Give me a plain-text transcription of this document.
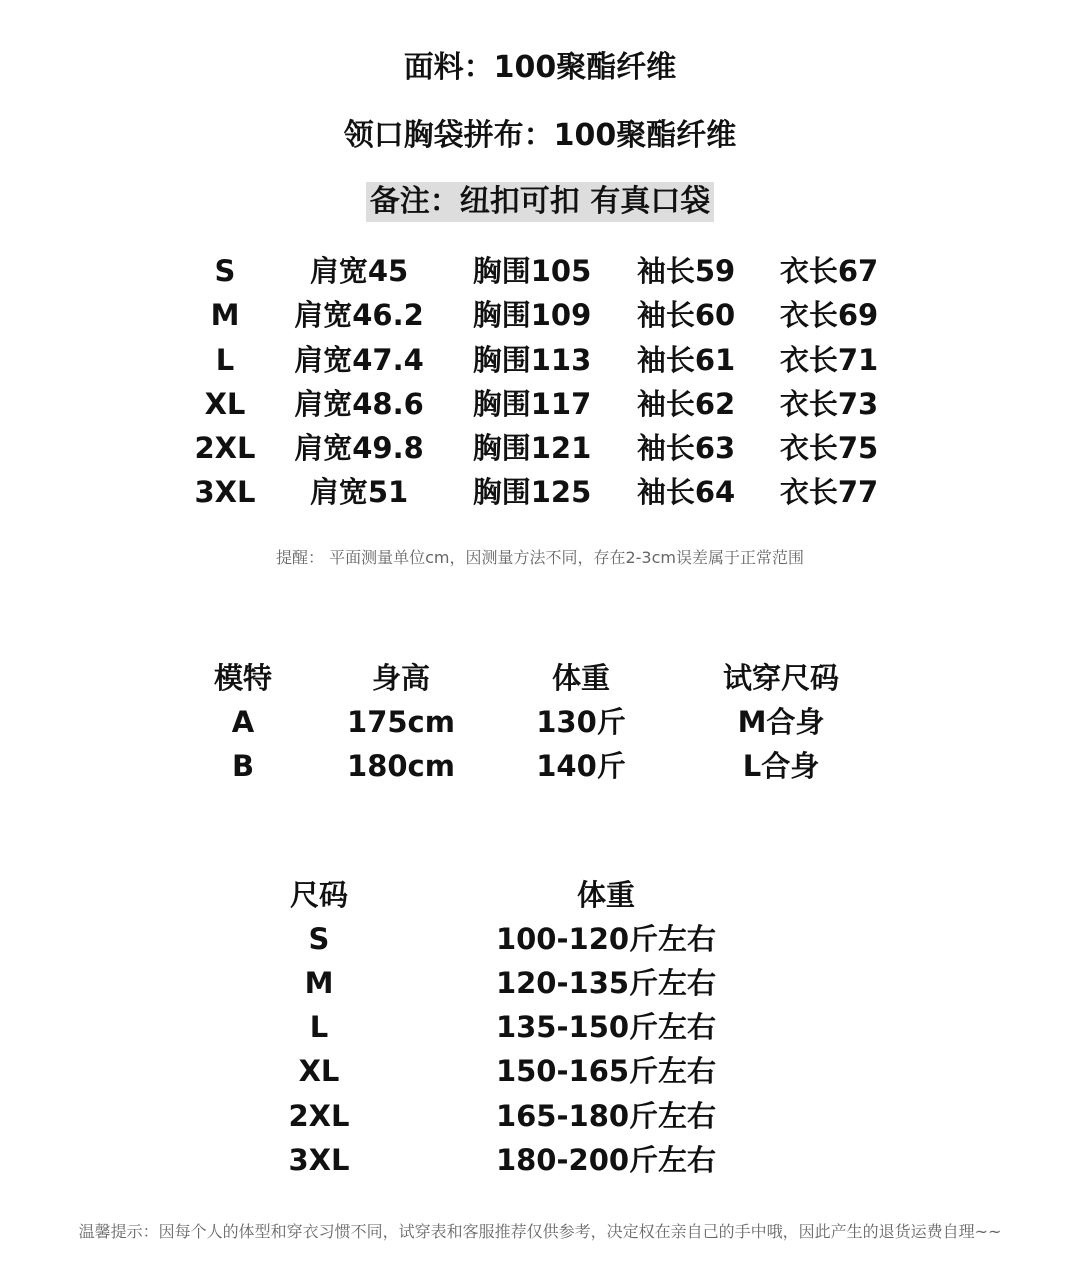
面料：100聚酯纤维
领口胸袋拼布：100聚酯纤维
备注：纽扣可扣 有真口袋
S	肩宽45 胸围105 袖长59 衣长67
M 肩宽46.2 胸围109 袖长60 衣长69
L 肩宽47.4 胸围113 袖长61 衣长71
XL 肩宽48.6 胸围117 袖长62 衣长73
2XL 肩宽49.8 胸围121 袖长63 衣长75
3XL 肩宽51 胸围125 袖长64 衣长77
提醒： 平面测量单位cm，因测量方法不同，存在2-3cm误差属于正常范围
模特	身高	体重	试穿尺码
A	175cm	130斤	M合身
B	180cm	140斤	L合身
尺码	体重
S	100-120斤左右
M	120-135斤左右
L	135-150斤左右
XL	150-165斤左右
2XL	165-180斤左右
3XL	180-200斤左右
温馨提示：因每个人的体型和穿衣习惯不同，试穿表和客服推荐仅供参考，决定权在亲自己的手中哦，因此产生的退货运费自理~~
